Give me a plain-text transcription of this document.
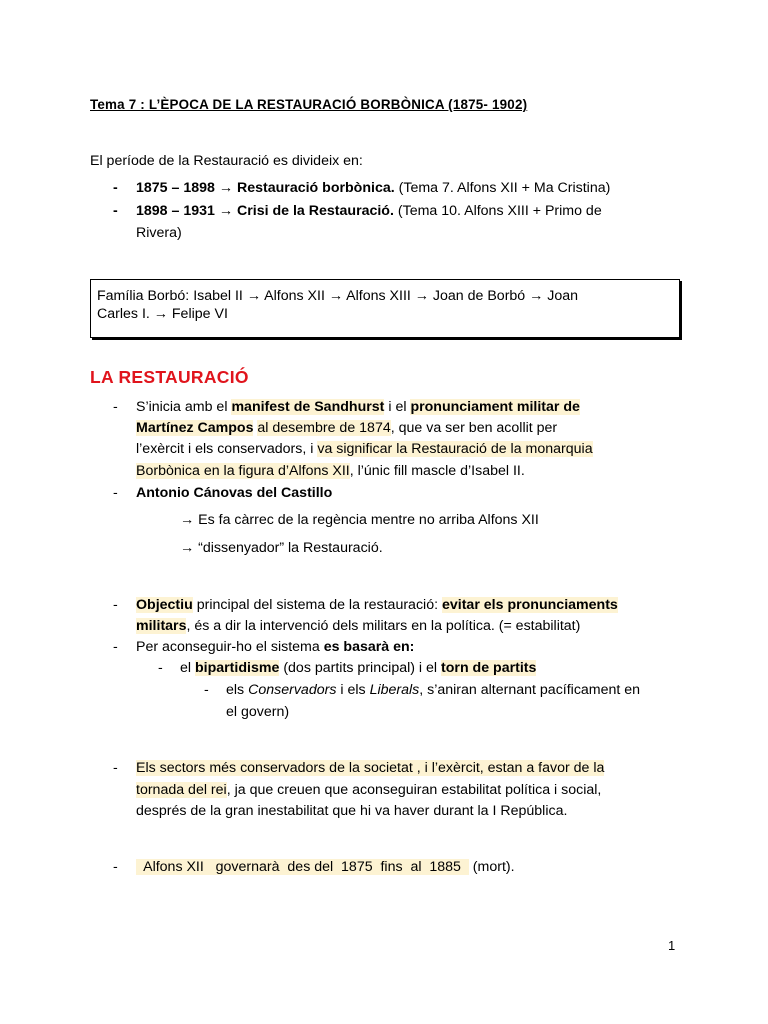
Tema 7 : L’ÈPOCA DE LA RESTAURACIÓ BORBÒNICA (1875- 1902)
El període de la Restauració es divideix en:
- 1875 – 1898 → Restauració borbònica. (Tema 7. Alfons XII + Ma Cristina)
- 1898 – 1931 → Crisi de la Restauració. (Tema 10. Alfons XIII + Primo de
Rivera)
Família Borbó: Isabel II → Alfons XII → Alfons XIII → Joan de Borbó → Joan
Carles I. → Felipe VI
LA RESTAURACIÓ
- S’inicia amb el manifest de Sandhurst i el pronunciament militar de
Martínez Campos al desembre de 1874, que va ser ben acollit per
l’exèrcit i els conservadors, i va significar la Restauració de la monarquia
Borbònica en la figura d’Alfons XII, l’únic fill mascle d’Isabel II.
- Antonio Cánovas del Castillo
→ Es fa càrrec de la regència mentre no arriba Alfons XII
→ “dissenyador” la Restauració.
- Objectiu principal del sistema de la restauració: evitar els pronunciaments
militars, és a dir la intervenció dels militars en la política. (= estabilitat)
- Per aconseguir-ho el sistema es basarà en:
- el bipartidisme (dos partits principal) i el torn de partits
- els Conservadors i els Liberals, s’aniran alternant pacíficament en
el govern)
- Els sectors més conservadors de la societat , i l’exèrcit, estan a favor de la
tornada del rei, ja que creuen que aconseguiran estabilitat política i social,
després de la gran inestabilitat que hi va haver durant la I República.
- Alfons XII   governarà  des del  1875  fins  al  1885   (mort).
1
